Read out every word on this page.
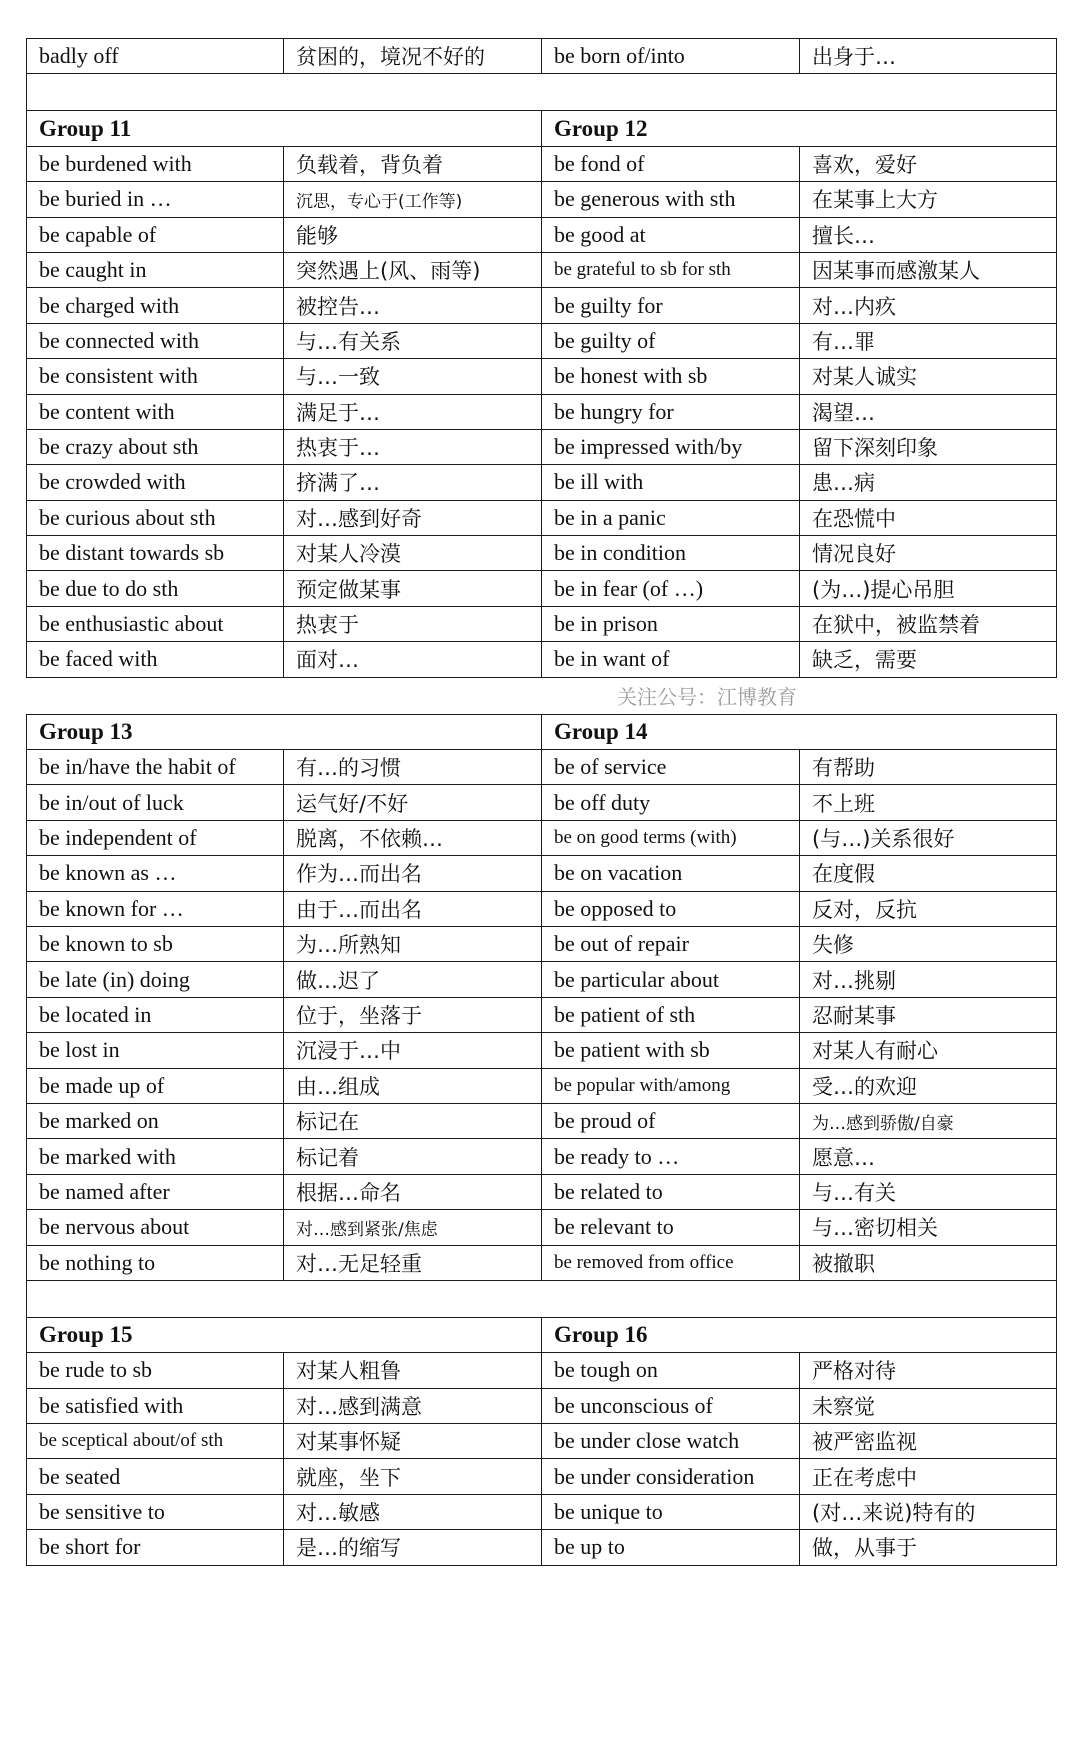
badly off	贫困的，境况不好的	be born of/into	出身于…

Group 11		Group 12	
be burdened with	负载着，背负着	be fond of	喜欢，爱好
be buried in …	沉思，专心于(工作等)	be generous with sth	在某事上大方
be capable of	能够	be good at	擅长…
be caught in	突然遇上(风、雨等)	be grateful to sb for sth	因某事而感激某人
be charged with	被控告…	be guilty for	对…内疚
be connected with	与…有关系	be guilty of	有…罪
be consistent with	与…一致	be honest with sb	对某人诚实
be content with	满足于…	be hungry for	渴望…
be crazy about sth	热衷于…	be impressed with/by	留下深刻印象
be crowded with	挤满了…	be ill with	患…病
be curious about sth	对…感到好奇	be in a panic	在恐慌中
be distant towards sb	对某人冷漠	be in condition	情况良好
be due to do sth	预定做某事	be in fear (of …)	(为…)提心吊胆
be enthusiastic about	热衷于	be in prison	在狱中，被监禁着
be faced with	面对…	be in want of	缺乏，需要

Group 13		Group 14	
be in/have the habit of	有…的习惯	be of service	有帮助
be in/out of luck	运气好/不好	be off duty	不上班
be independent of	脱离，不依赖…	be on good terms (with)	(与…)关系很好
be known as …	作为…而出名	be on vacation	在度假
be known for …	由于…而出名	be opposed to	反对，反抗
be known to sb	为…所熟知	be out of repair	失修
be late (in) doing	做…迟了	be particular about	对…挑剔
be located in	位于，坐落于	be patient of sth	忍耐某事
be lost in	沉浸于…中	be patient with sb	对某人有耐心
be made up of	由…组成	be popular with/among	受…的欢迎
be marked on	标记在	be proud of	为…感到骄傲/自豪
be marked with	标记着	be ready to …	愿意…
be named after	根据…命名	be related to	与…有关
be nervous about	对…感到紧张/焦虑	be relevant to	与…密切相关
be nothing to	对…无足轻重	be removed from office	被撤职

Group 15		Group 16	
be rude to sb	对某人粗鲁	be tough on	严格对待
be satisfied with	对…感到满意	be unconscious of	未察觉
be sceptical about/of sth	对某事怀疑	be under close watch	被严密监视
be seated	就座，坐下	be under consideration	正在考虑中
be sensitive to	对…敏感	be unique to	(对…来说)特有的
be short for	是…的缩写	be up to	做，从事于
关注公号：江博教育
